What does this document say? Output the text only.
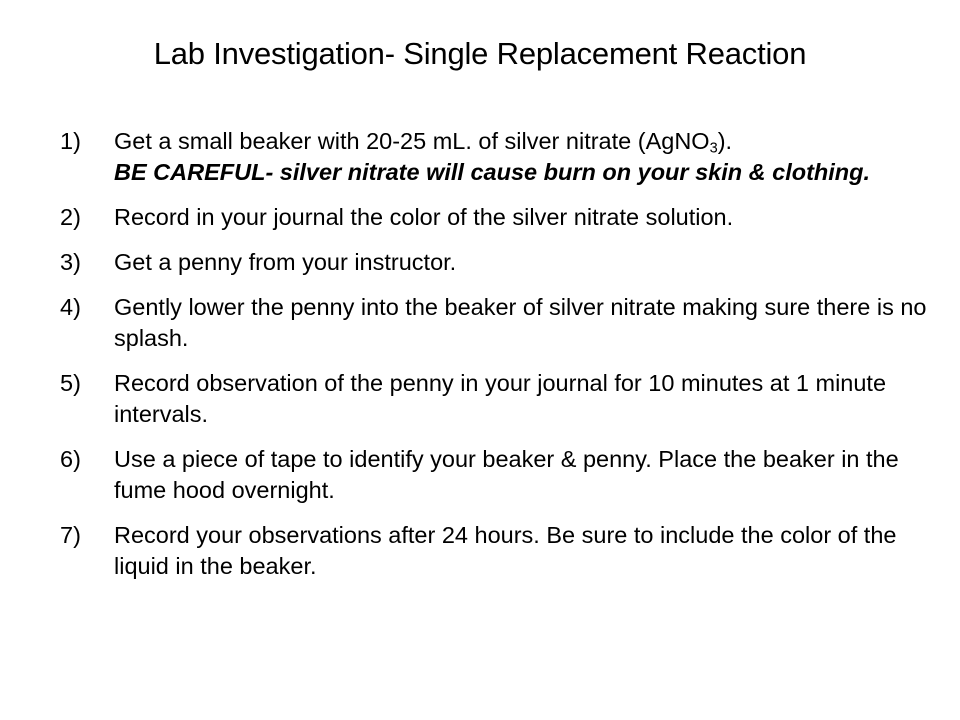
Lab Investigation- Single Replacement Reaction
1) Get a small beaker with 20-25 mL. of silver nitrate (AgNO$_3$).
BE CAREFUL- silver nitrate will cause burn on your skin & clothing.
2) Record in your journal the color of the silver nitrate solution.
3) Get a penny from your instructor.
4) Gently lower the penny into the beaker of silver nitrate making sure there is no splash.
5) Record observation of the penny in your journal for 10 minutes at 1 minute intervals.
6) Use a piece of tape to identify your beaker & penny. Place the beaker in the fume hood overnight.
7) Record your observations after 24 hours. Be sure to include the color of the liquid in the beaker.
